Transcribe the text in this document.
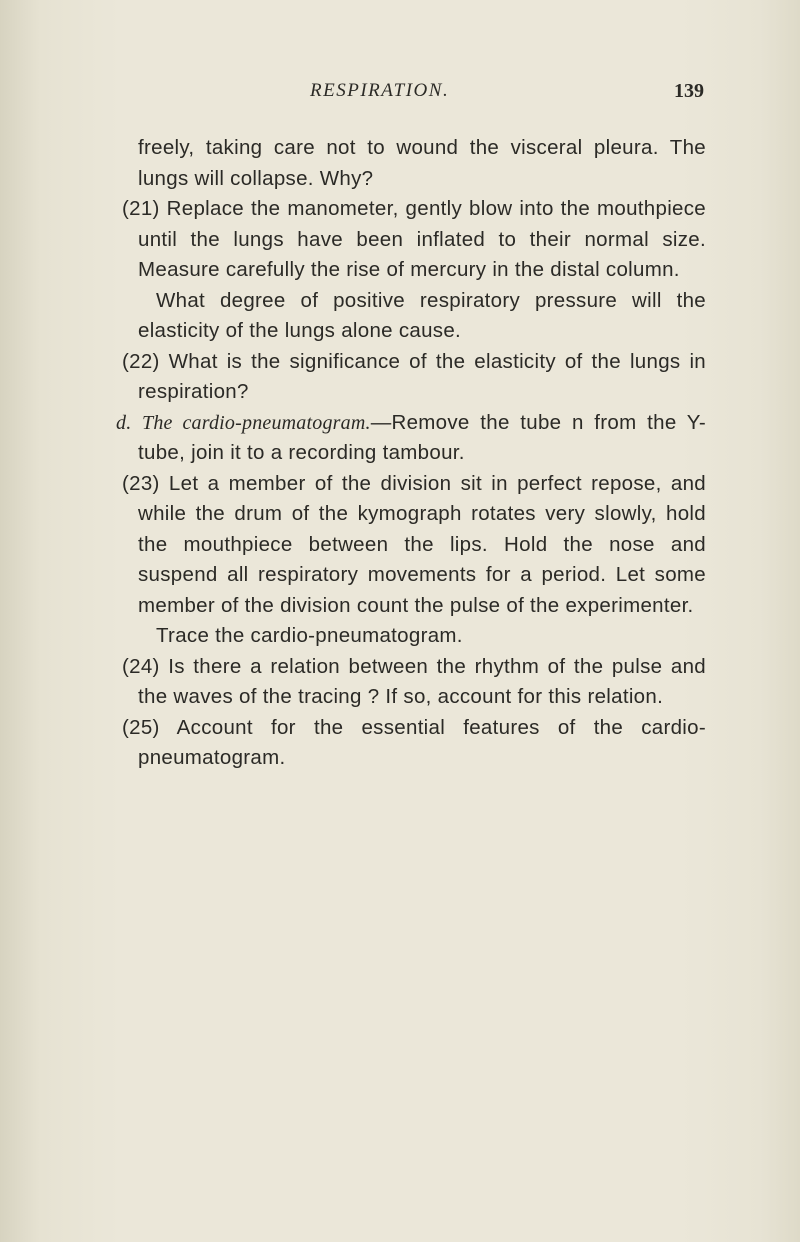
RESPIRATION.	139

freely, taking care not to wound the visceral pleura. The lungs will collapse. Why?

(21) Replace the manometer, gently blow into the mouthpiece until the lungs have been inflated to their normal size. Measure carefully the rise of mercury in the distal column.

What degree of positive respiratory pressure will the elasticity of the lungs alone cause.

(22) What is the significance of the elasticity of the lungs in respiration?

d. The cardio-pneumatogram.—Remove the tube n from the Y-tube, join it to a recording tambour.

(23) Let a member of the division sit in perfect repose, and while the drum of the kymograph rotates very slowly, hold the mouthpiece between the lips. Hold the nose and suspend all respiratory movements for a period. Let some member of the division count the pulse of the experimenter.

Trace the cardio-pneumatogram.

(24) Is there a relation between the rhythm of the pulse and the waves of the tracing ? If so, account for this relation.

(25) Account for the essential features of the cardio-pneumatogram.
